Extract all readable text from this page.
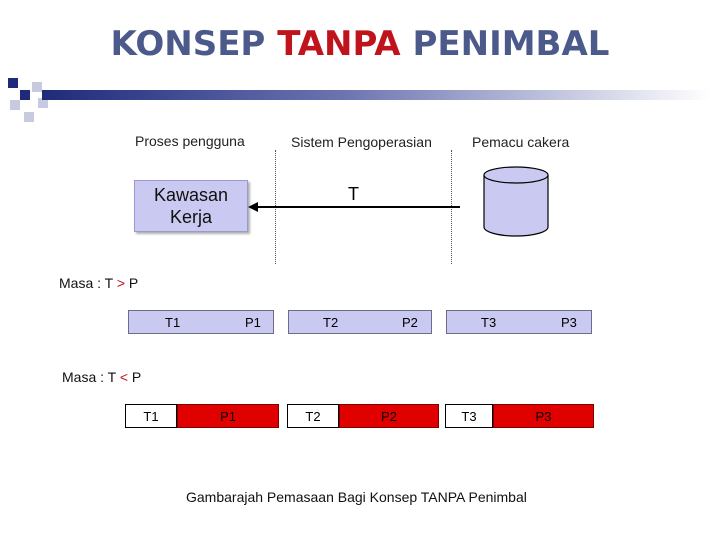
KONSEP TANPA PENIMBAL
Proses pengguna	Sistem Pengoperasian	Pemacu cakera
Kawasan
Kerja
T
Masa : T > P
T1	P1	T2	P2	T3	P3
Masa : T < P
T1	P1	T2	P2	T3	P3
Gambarajah Pemasaan Bagi Konsep TANPA Penimbal
